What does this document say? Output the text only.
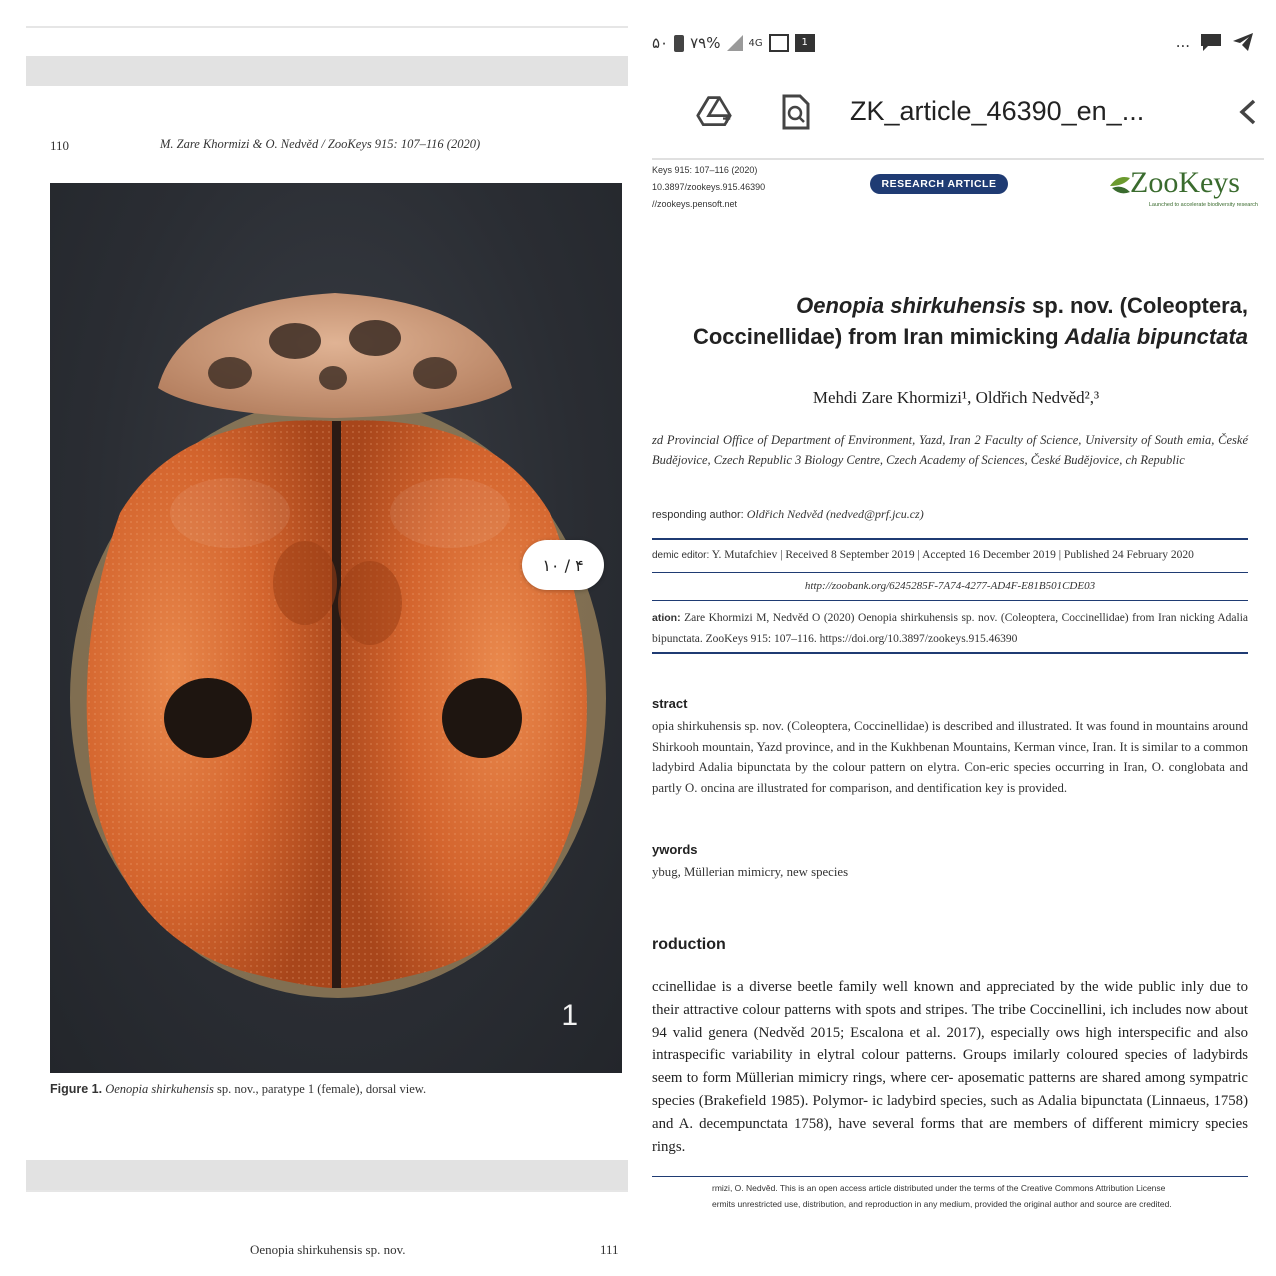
110	M. Zare Khormizi & O. Nedvěd / ZooKeys 915: 107–116 (2020)
1
Figure 1. Oenopia shirkuhensis sp. nov., paratype 1 (female), dorsal view.
Oenopia shirkuhensis sp. nov.	111
۱۰ / ۴
۵۰ ۷۹%	4G	1	...
ZK_article_46390_en_...
Keys 915: 107–116 (2020)
10.3897/zookeys.915.46390
//zookeys.pensoft.net
RESEARCH ARTICLE	ZooKeys
Launched to accelerate biodiversity research
Oenopia shirkuhensis sp. nov. (Coleoptera,
Coccinellidae) from Iran mimicking Adalia bipunctata
Mehdi Zare Khormizi¹, Oldřich Nedvěd²,³
zd Provincial Office of Department of Environment, Yazd, Iran 2 Faculty of Science, University of South emia, České Budějovice, Czech Republic 3 Biology Centre, Czech Academy of Sciences, České Budějovice, ch Republic
responding author: Oldřich Nedvěd (nedved@prf.jcu.cz)
demic editor: Y. Mutafchiev | Received 8 September 2019 | Accepted 16 December 2019 | Published 24 February 2020
http://zoobank.org/6245285F-7A74-4277-AD4F-E81B501CDE03
ation: Zare Khormizi M, Nedvěd O (2020) Oenopia shirkuhensis sp. nov. (Coleoptera, Coccinellidae) from Iran nicking Adalia bipunctata. ZooKeys 915: 107–116. https://doi.org/10.3897/zookeys.915.46390
stract
opia shirkuhensis sp. nov. (Coleoptera, Coccinellidae) is described and illustrated. It was found in mountains around Shirkooh mountain, Yazd province, and in the Kukhbenan Mountains, Kerman vince, Iran. It is similar to a common ladybird Adalia bipunctata by the colour pattern on elytra. Con-eric species occurring in Iran, O. conglobata and partly O. oncina are illustrated for comparison, and dentification key is provided.
ywords
ybug, Müllerian mimicry, new species
roduction
ccinellidae is a diverse beetle family well known and appreciated by the wide public inly due to their attractive colour patterns with spots and stripes. The tribe Coccinellini, ich includes now about 94 valid genera (Nedvěd 2015; Escalona et al. 2017), especially ows high interspecific and also intraspecific variability in elytral colour patterns. Groups imilarly coloured species of ladybirds seem to form Müllerian mimicry rings, where cer- aposematic patterns are shared among sympatric species (Brakefield 1985). Polymor- ic ladybird species, such as Adalia bipunctata (Linnaeus, 1758) and A. decempunctata 1758), have several forms that are members of different mimicry species rings.
rmizi, O. Nedvěd. This is an open access article distributed under the terms of the Creative Commons Attribution License
ermits unrestricted use, distribution, and reproduction in any medium, provided the original author and source are credited.
